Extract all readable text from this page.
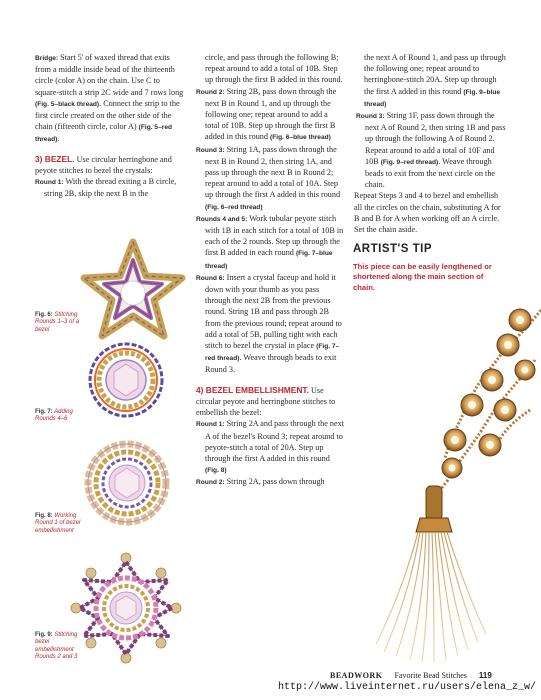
Bridge: Start 5' of waxed thread that exits from a middle inside bead of the thirteenth circle (color A) on the chain. Use C to square-stitch a strip 2C wide and 7 rows long (Fig. 5–black thread). Connect the strip to the first circle created on the other side of the chain (fifteenth circle, color A) (Fig. 5–red thread).

3) BEZEL. Use circular herringbone and peyote stitches to bezel the crystals:

Round 1: With the thread exiting a B circle, string 2B, skip the next B in the

Fig. 6: Stitching Rounds 1–3 of a bezel
Fig. 7: Adding Rounds 4–6
Fig. 8: Working Round 1 of bezel embellishment
Fig. 9: Stitching bezel embellishment Rounds 2 and 3

circle, and pass through the following B; repeat around to add a total of 10B. Step up through the first B added in this round.

Round 2: String 2B, pass down through the next B in Round 1, and up through the following one; repeat around to add a total of 10B. Step up through the first B added in this round (Fig. 6–blue thread)

Round 3: String 1A, pass down through the next B in Round 2, then string 1A, and pass up through the next B in Round 2; repeat around to add a total of 10A. Step up through the first A added in this round (Fig. 6–red thread)

Rounds 4 and 5: Work tubular peyote stitch with 1B in each stitch for a total of 10B in each of the 2 rounds. Step up through the first B added in each round (Fig. 7–blue thread)

Round 6: Insert a crystal faceup and hold it down with your thumb as you pass through the next 2B from the previous round. String 1B and pass through 2B from the previous round; repeat around to add a total of 5B, pulling tight with each stitch to bezel the crystal in place (Fig. 7–red thread). Weave through beads to exit Round 3.

4) BEZEL EMBELLISHMENT. Use circular peyote and herringbone stitches to embellish the bezel:

Round 1: String 2A and pass through the next A of the bezel's Round 3; repeat around to peyote-stitch a total of 20A. Step up through the first A added in this round (Fig. 8)

Round 2: String 2A, pass down through

the next A of Round 1, and pass up through the following one; repeat around to herringbone-stitch 20A. Step up through the first A added in this round (Fig. 9–blue thread)

Round 3: String 1F, pass down through the next A of Round 2, then string 1B and pass up through the following A of Round 2. Repeat around to add a total of 10F and 10B (Fig. 9–red thread). Weave through beads to exit from the next circle on the chain.

Repeat Steps 3 and 4 to bezel and embellish all the circles on the chain, substituting A for B and B for A when working off an A circle. Set the chain aside.

ARTIST'S TIP
This piece can be easily lengthened or shortened along the main section of chain.
BEADWORK Favorite Bead Stitches 119
http://www.liveinternet.ru/users/elena_z_w/
